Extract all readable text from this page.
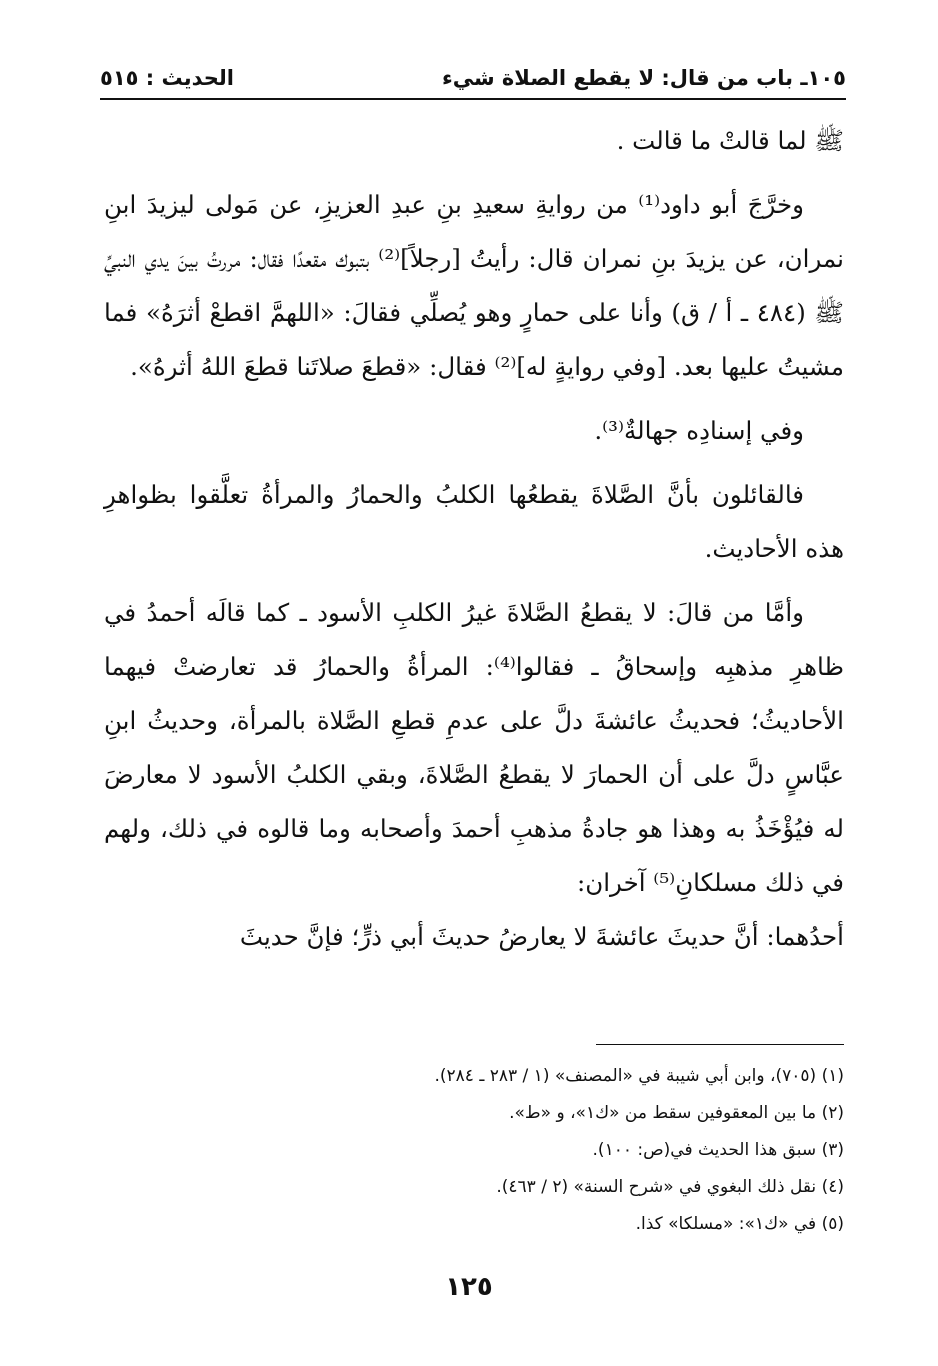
١٠٥ـ باب من قال: لا يقطع الصلاة شيء
الحديث : ٥١٥

ﷺ لما قالتْ ما قالت .

وخرَّجَ أبو داود⁽¹⁾ من روايةِ سعيدِ بنِ عبدِ العزيزِ، عن مَولى ليزيدَ ابنِ نمران، عن يزيدَ بنِ نمران قال: رأيتُ [رجلاً]⁽²⁾ بتبوك مقعدًا فقال: مررتُ بينَ يدي النبيِّ ﷺ (٤٨٤ ـ أ / ق) وأنا على حمارٍ وهو يُصلِّي فقالَ: «اللهمَّ اقطعْ أثرَهُ» فما مشيتُ عليها بعد. [وفي روايةٍ له]⁽²⁾ فقال: «قطعَ صلاتَنا قطعَ اللهُ أثرهُ».

وفي إسنادِه جهالةٌ⁽³⁾.

فالقائلون بأنَّ الصَّلاةَ يقطعُها الكلبُ والحمارُ والمرأةُ تعلَّقوا بظواهرِ هذه الأحاديث.

وأمَّا من قالَ: لا يقطعُ الصَّلاةَ غيرُ الكلبِ الأسود ـ كما قالَه أحمدُ في ظاهرِ مذهبِه وإسحاقُ ـ فقالوا⁽⁴⁾: المرأةُ والحمارُ قد تعارضتْ فيهما الأحاديثُ؛ فحديثُ عائشةَ دلَّ على عدمِ قطعِ الصَّلاة بالمرأة، وحديثُ ابنِ عبَّاسٍ دلَّ على أن الحمارَ لا يقطعُ الصَّلاةَ، وبقي الكلبُ الأسود لا معارضَ له فيُؤْخَذُ به وهذا هو جادةُ مذهبِ أحمدَ وأصحابه وما قالوه في ذلك، ولهم في ذلك مسلكانِ⁽⁵⁾ آخران:

أحدُهما: أنَّ حديثَ عائشةَ لا يعارضُ حديثَ أبي ذرٍّ؛ فإنَّ حديثَ

(١) (٧٠٥)، وابن أبي شيبة في «المصنف» (١ / ٢٨٣ ـ ٢٨٤).
(٢) ما بين المعقوفين سقط من «ك١»، و «ط».
(٣) سبق هذا الحديث في(ص: ١٠٠).
(٤) نقل ذلك البغوي في «شرح السنة» (٢ / ٤٦٣).
(٥) في «ك١»: «مسلكا» كذا.
١٢٥
